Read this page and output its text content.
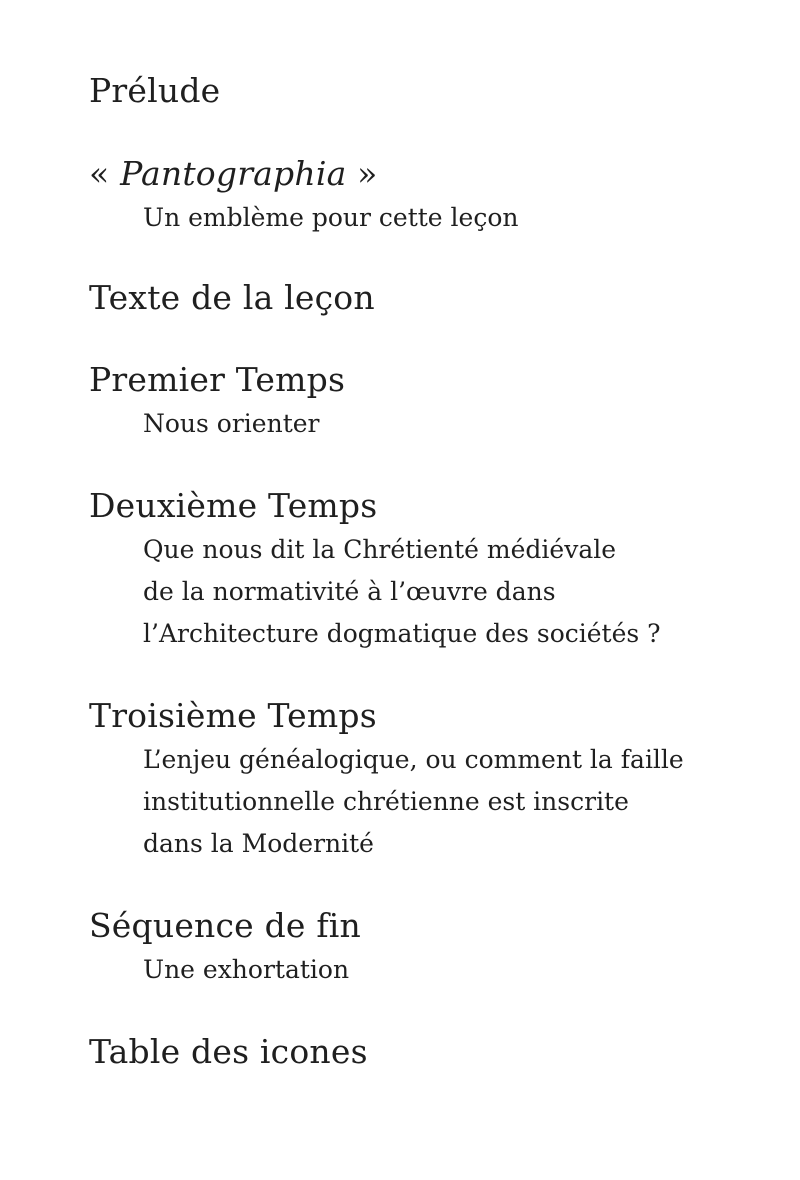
Prélude
« Pantographia »
Un emblème pour cette leçon
Texte de la leçon
Premier Temps
Nous orienter
Deuxième Temps
Que nous dit la Chrétienté médiévale
de la normativité à l’œuvre dans
l’Architecture dogmatique des sociétés ?
Troisième Temps
L’enjeu généalogique, ou comment la faille
institutionnelle chrétienne est inscrite
dans la Modernité
Séquence de fin
Une exhortation
Table des icones
